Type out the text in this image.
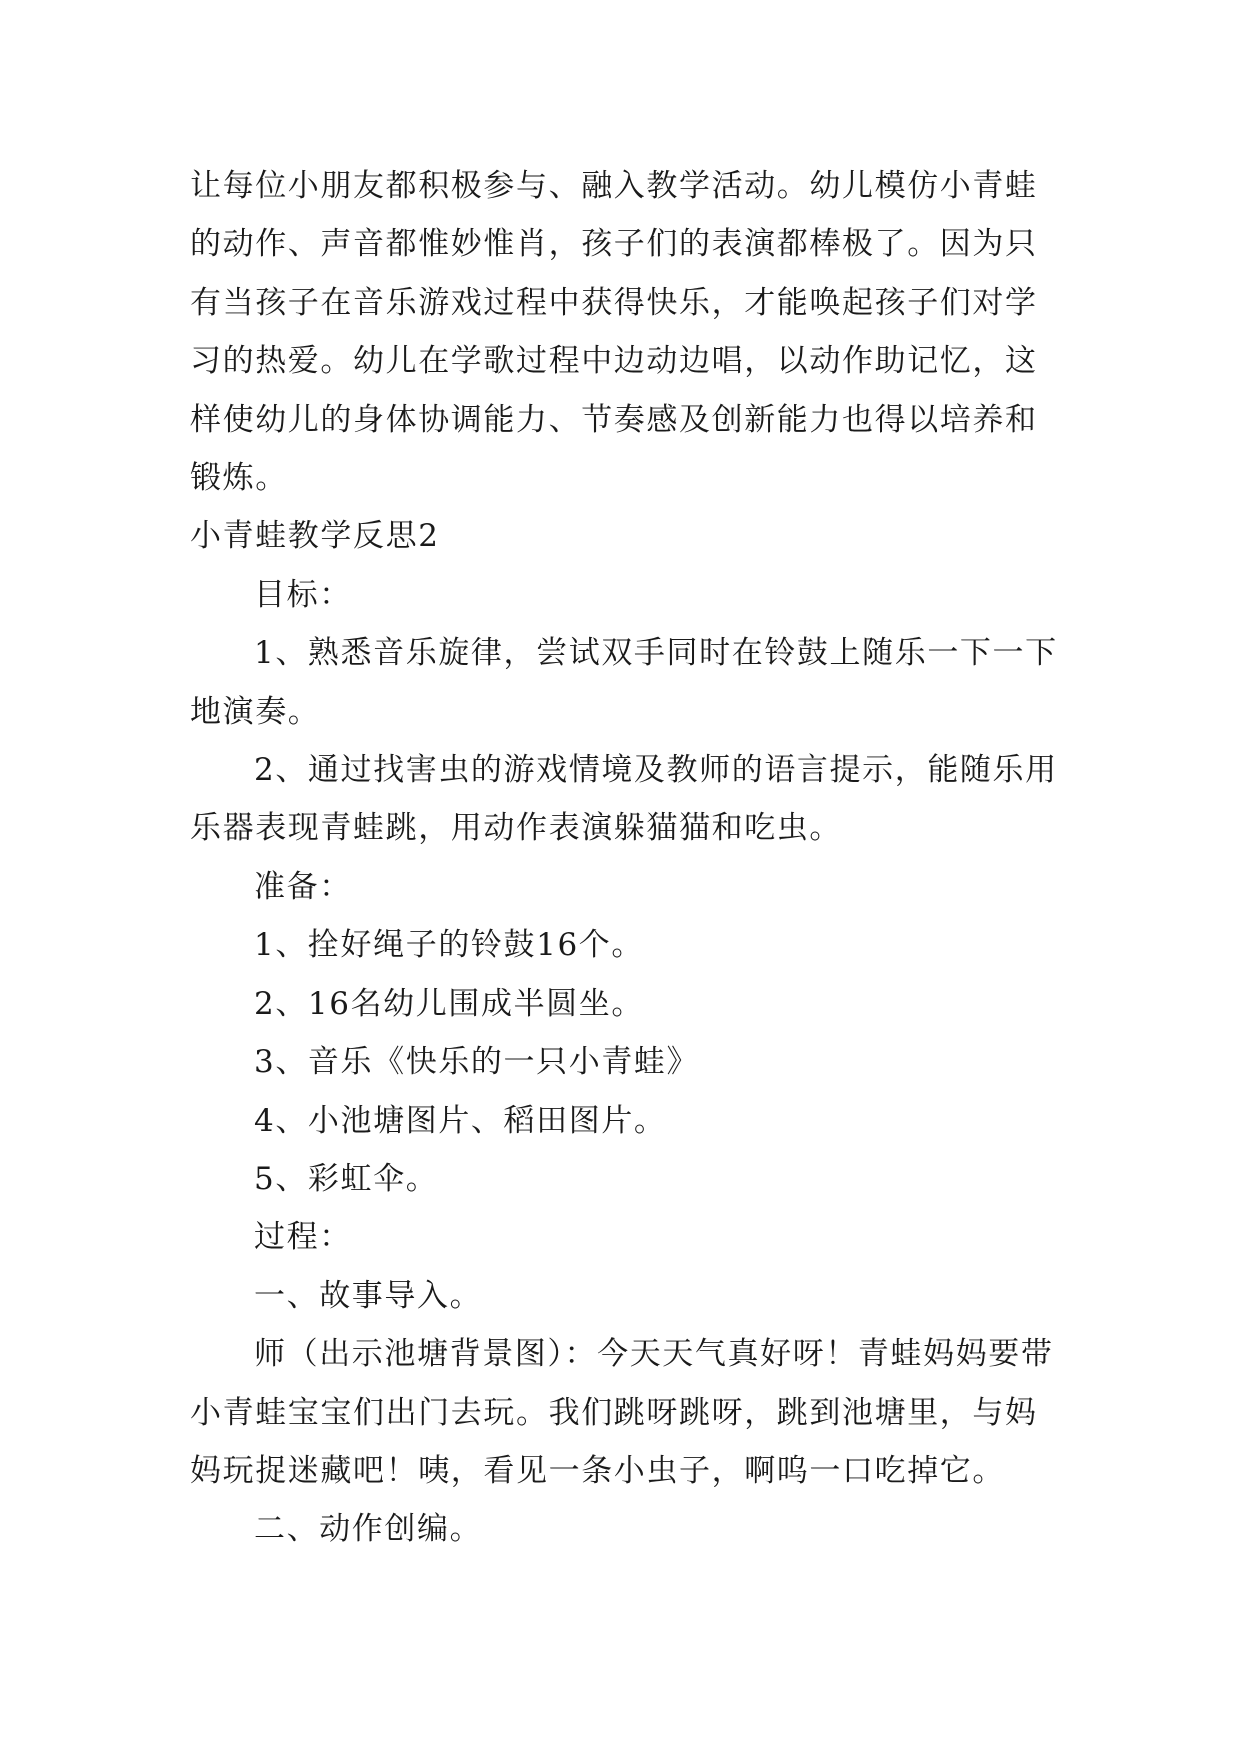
让每位小朋友都积极参与、融入教学活动。幼儿模仿小青蛙的动作、声音都惟妙惟肖，孩子们的表演都棒极了。因为只有当孩子在音乐游戏过程中获得快乐，才能唤起孩子们对学习的热爱。幼儿在学歌过程中边动边唱，以动作助记忆，这样使幼儿的身体协调能力、节奏感及创新能力也得以培养和锻炼。

小青蛙教学反思2

目标：

1、熟悉音乐旋律，尝试双手同时在铃鼓上随乐一下一下地演奏。

2、通过找害虫的游戏情境及教师的语言提示，能随乐用乐器表现青蛙跳，用动作表演躲猫猫和吃虫。

准备：

1、拴好绳子的铃鼓16个。

2、16名幼儿围成半圆坐。

3、音乐《快乐的一只小青蛙》

4、小池塘图片、稻田图片。

5、彩虹伞。

过程：

一、故事导入。

师（出示池塘背景图）：今天天气真好呀！青蛙妈妈要带小青蛙宝宝们出门去玩。我们跳呀跳呀，跳到池塘里，与妈妈玩捉迷藏吧！咦，看见一条小虫子，啊呜一口吃掉它。

二、动作创编。
